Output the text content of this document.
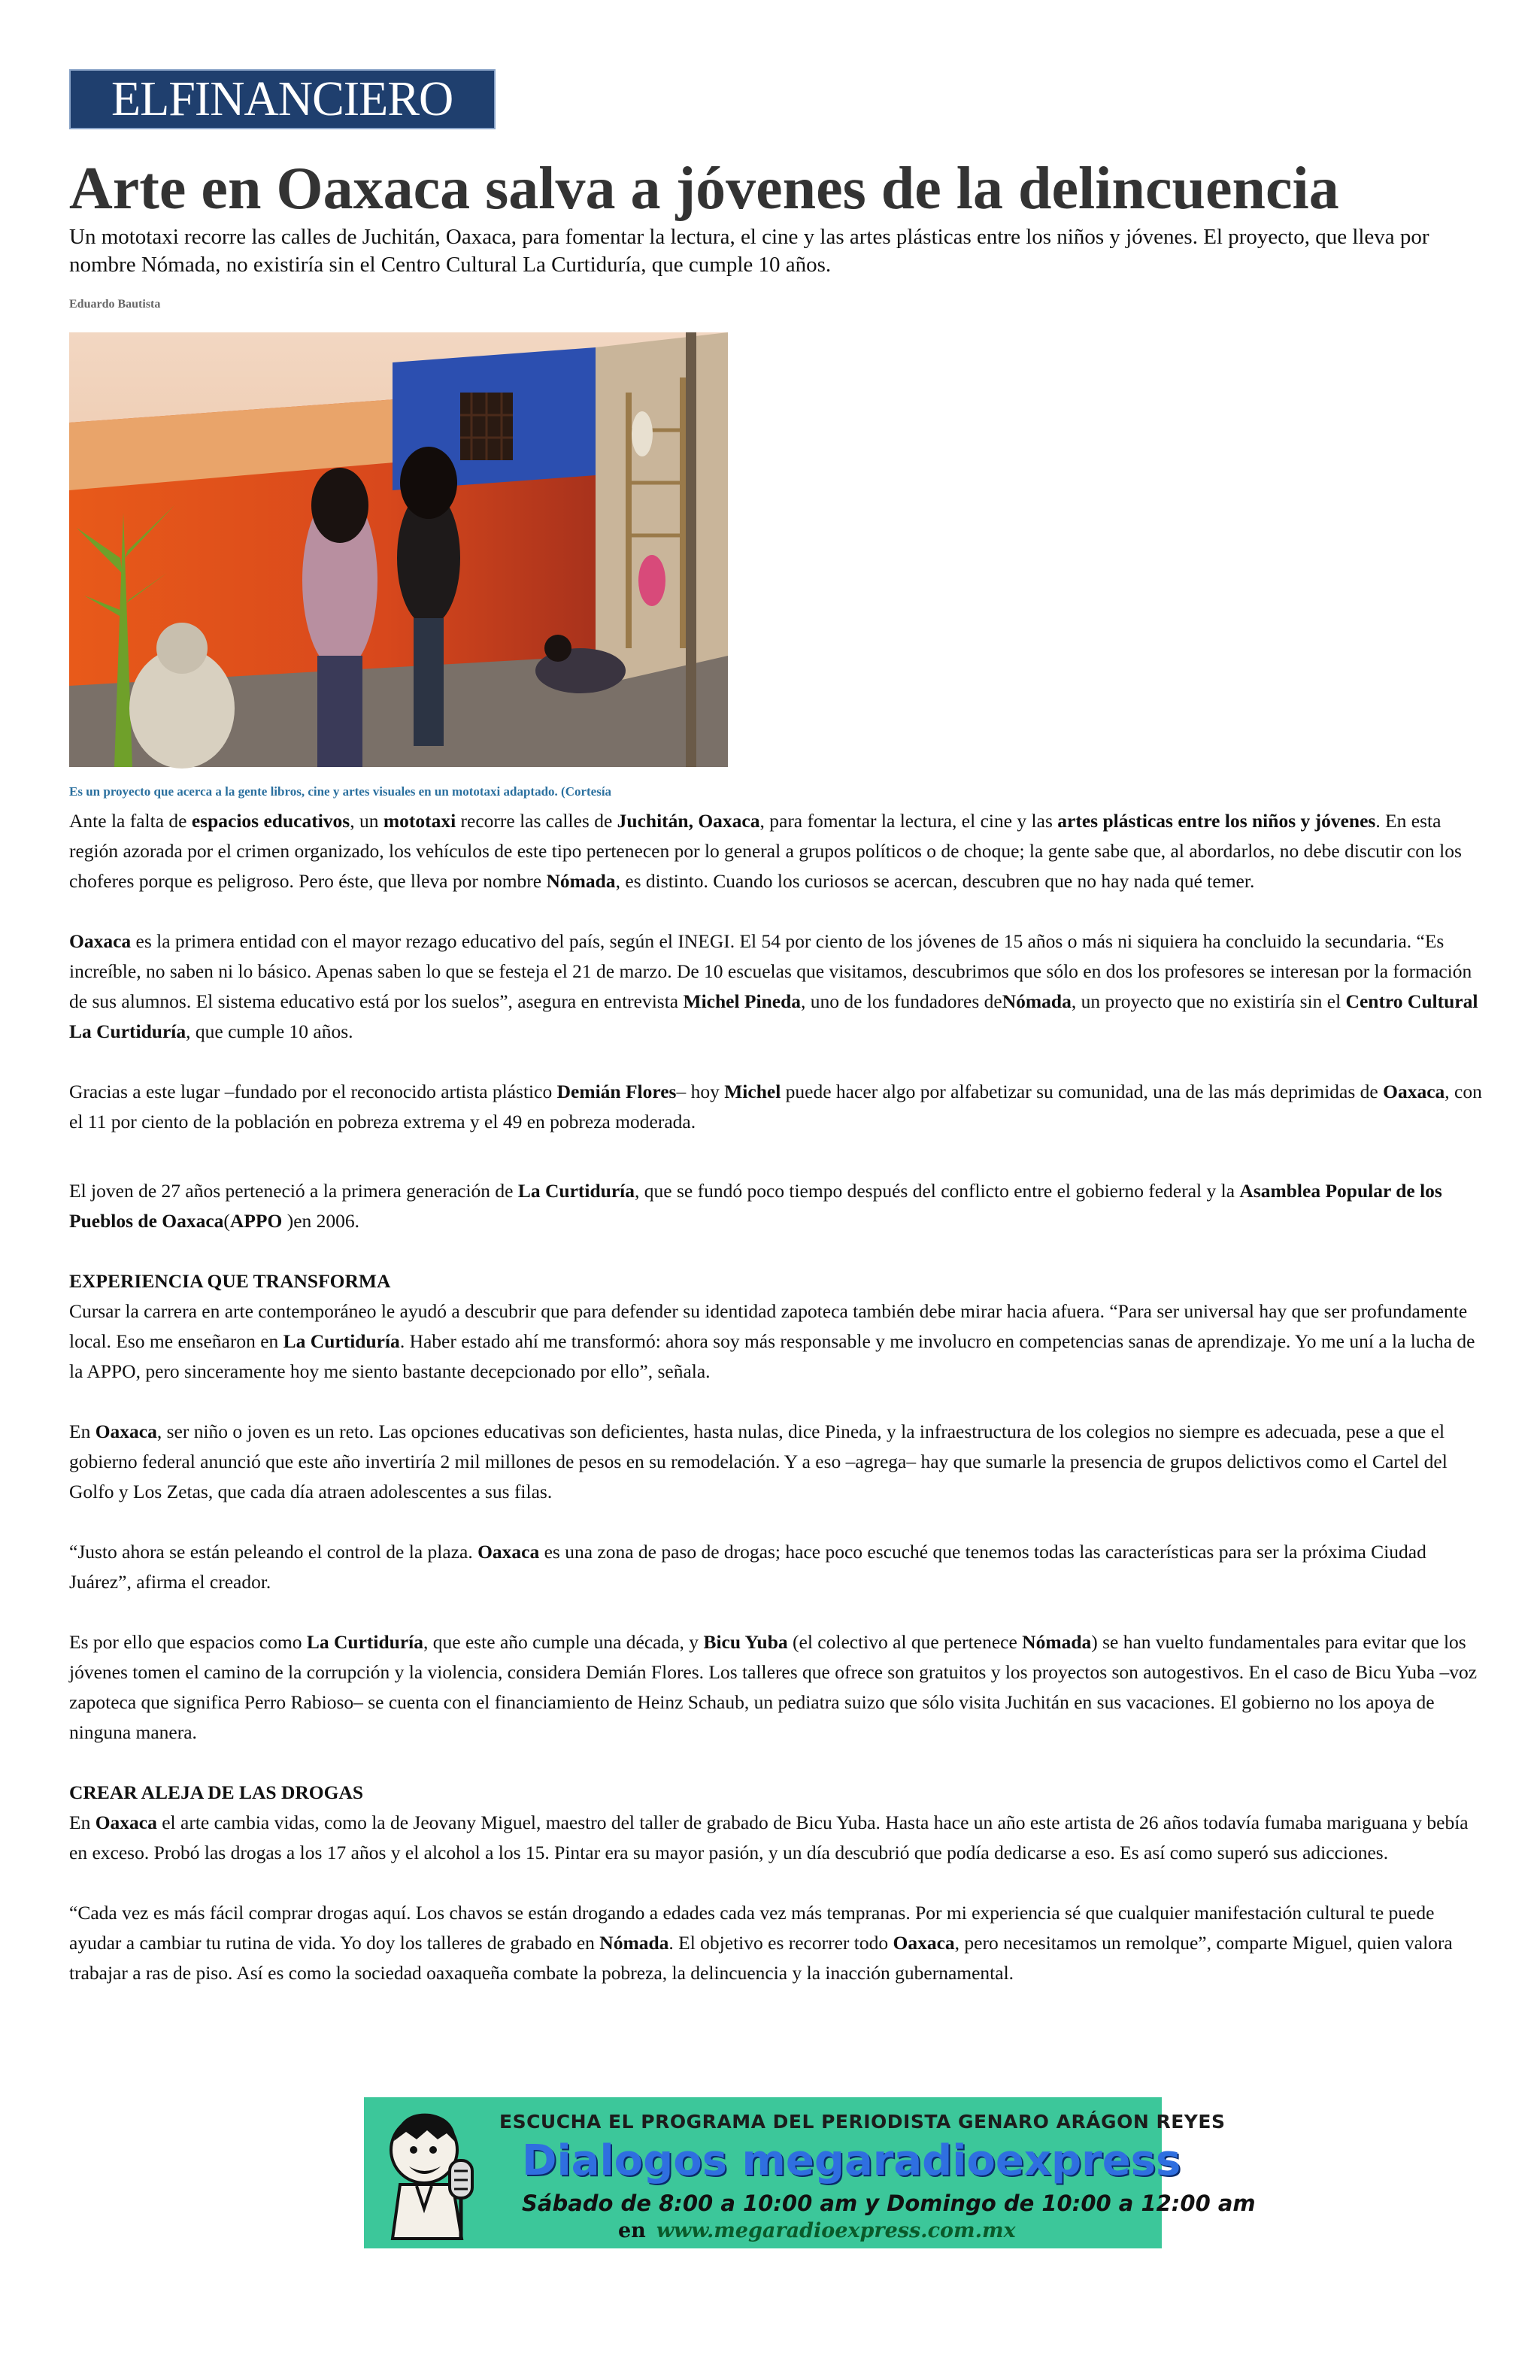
ELFINANCIERO
Arte en Oaxaca salva a jóvenes de la delincuencia

Un mototaxi recorre las calles de Juchitán, Oaxaca, para fomentar la lectura, el cine y las artes plásticas entre los niños y jóvenes. El proyecto, que lleva por nombre Nómada, no existiría sin el Centro Cultural La Curtiduría, que cumple 10 años.

Eduardo Bautista

Es un proyecto que acerca a la gente libros, cine y artes visuales en un mototaxi adaptado. (Cortesía

Ante la falta de espacios educativos, un mototaxi recorre las calles de Juchitán, Oaxaca, para fomentar la lectura, el cine y las artes plásticas entre los niños y jóvenes. En esta región azorada por el crimen organizado, los vehículos de este tipo pertenecen por lo general a grupos políticos o de choque; la gente sabe que, al abordarlos, no debe discutir con los choferes porque es peligroso. Pero éste, que lleva por nombre Nómada, es distinto. Cuando los curiosos se acercan, descubren que no hay nada qué temer.

Oaxaca es la primera entidad con el mayor rezago educativo del país, según el INEGI. El 54 por ciento de los jóvenes de 15 años o más ni siquiera ha concluido la secundaria. “Es increíble, no saben ni lo básico. Apenas saben lo que se festeja el 21 de marzo. De 10 escuelas que visitamos, descubrimos que sólo en dos los profesores se interesan por la formación de sus alumnos. El sistema educativo está por los suelos”, asegura en entrevista Michel Pineda, uno de los fundadores deNómada, un proyecto que no existiría sin el Centro Cultural La Curtiduría, que cumple 10 años.

Gracias a este lugar –fundado por el reconocido artista plástico Demián Flores– hoy Michel puede hacer algo por alfabetizar su comunidad, una de las más deprimidas de Oaxaca, con el 11 por ciento de la población en pobreza extrema y el 49 en pobreza moderada.

El joven de 27 años perteneció a la primera generación de La Curtiduría, que se fundó poco tiempo después del conflicto entre el gobierno federal y la Asamblea Popular de los Pueblos de Oaxaca(APPO )en 2006.

EXPERIENCIA QUE TRANSFORMA

Cursar la carrera en arte contemporáneo le ayudó a descubrir que para defender su identidad zapoteca también debe mirar hacia afuera. “Para ser universal hay que ser profundamente local. Eso me enseñaron en La Curtiduría. Haber estado ahí me transformó: ahora soy más responsable y me involucro en competencias sanas de aprendizaje. Yo me uní a la lucha de la APPO, pero sinceramente hoy me siento bastante decepcionado por ello”, señala.

En Oaxaca, ser niño o joven es un reto. Las opciones educativas son deficientes, hasta nulas, dice Pineda, y la infraestructura de los colegios no siempre es adecuada, pese a que el gobierno federal anunció que este año invertiría 2 mil millones de pesos en su remodelación. Y a eso –agrega– hay que sumarle la presencia de grupos delictivos como el Cartel del Golfo y Los Zetas, que cada día atraen adolescentes a sus filas.

“Justo ahora se están peleando el control de la plaza. Oaxaca es una zona de paso de drogas; hace poco escuché que tenemos todas las características para ser la próxima Ciudad Juárez”, afirma el creador.

Es por ello que espacios como La Curtiduría, que este año cumple una década, y Bicu Yuba (el colectivo al que pertenece Nómada) se han vuelto fundamentales para evitar que los jóvenes tomen el camino de la corrupción y la violencia, considera Demián Flores. Los talleres que ofrece son gratuitos y los proyectos son autogestivos. En el caso de Bicu Yuba –voz zapoteca que significa Perro Rabioso– se cuenta con el financiamiento de Heinz Schaub, un pediatra suizo que sólo visita Juchitán en sus vacaciones. El gobierno no los apoya de ninguna manera.

CREAR ALEJA DE LAS DROGAS

En Oaxaca el arte cambia vidas, como la de Jeovany Miguel, maestro del taller de grabado de Bicu Yuba. Hasta hace un año este artista de 26 años todavía fumaba mariguana y bebía en exceso. Probó las drogas a los 17 años y el alcohol a los 15. Pintar era su mayor pasión, y un día descubrió que podía dedicarse a eso. Es así como superó sus adicciones.

“Cada vez es más fácil comprar drogas aquí. Los chavos se están drogando a edades cada vez más tempranas. Por mi experiencia sé que cualquier manifestación cultural te puede ayudar a cambiar tu rutina de vida. Yo doy los talleres de grabado en Nómada. El objetivo es recorrer todo Oaxaca, pero necesitamos un remolque”, comparte Miguel, quien valora trabajar a ras de piso. Así es como la sociedad oaxaqueña combate la pobreza, la delincuencia y la inacción gubernamental.

ESCUCHA EL PROGRAMA DEL PERIODISTA GENARO ARÁGON REYES
Dialogos megaradioexpress
Sábado de 8:00 a 10:00 am y Domingo de 10:00 a 12:00 am
en www.megaradioexpress.com.mx
